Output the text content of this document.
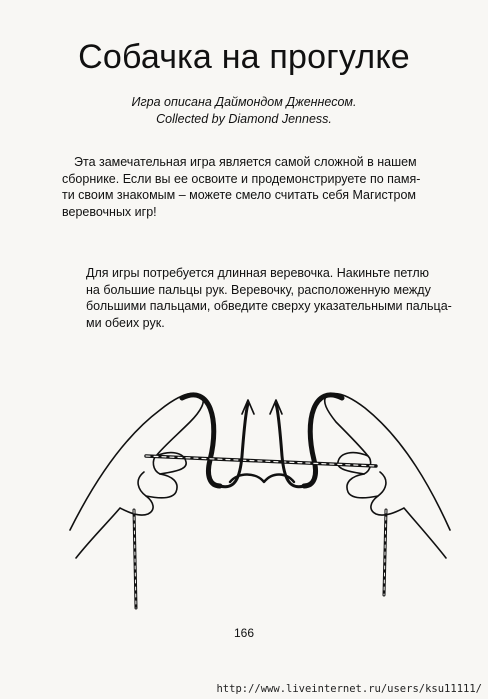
Собачка на прогулке
Игра описана Даймондом Дженнесом.
Collected by Diamond Jenness.
Эта замечательная игра является самой сложной в нашем
сборнике. Если вы ее освоите и продемонстрируете по памя-
ти своим знакомым – можете смело считать себя Магистром
веревочных игр!
Для игры потребуется длинная веревочка. Накиньте петлю
на большие пальцы рук. Веревочку, расположенную между
большими пальцами, обведите сверху указательными пальца-
ми обеих рук.
166
http://www.liveinternet.ru/users/ksu11111/
